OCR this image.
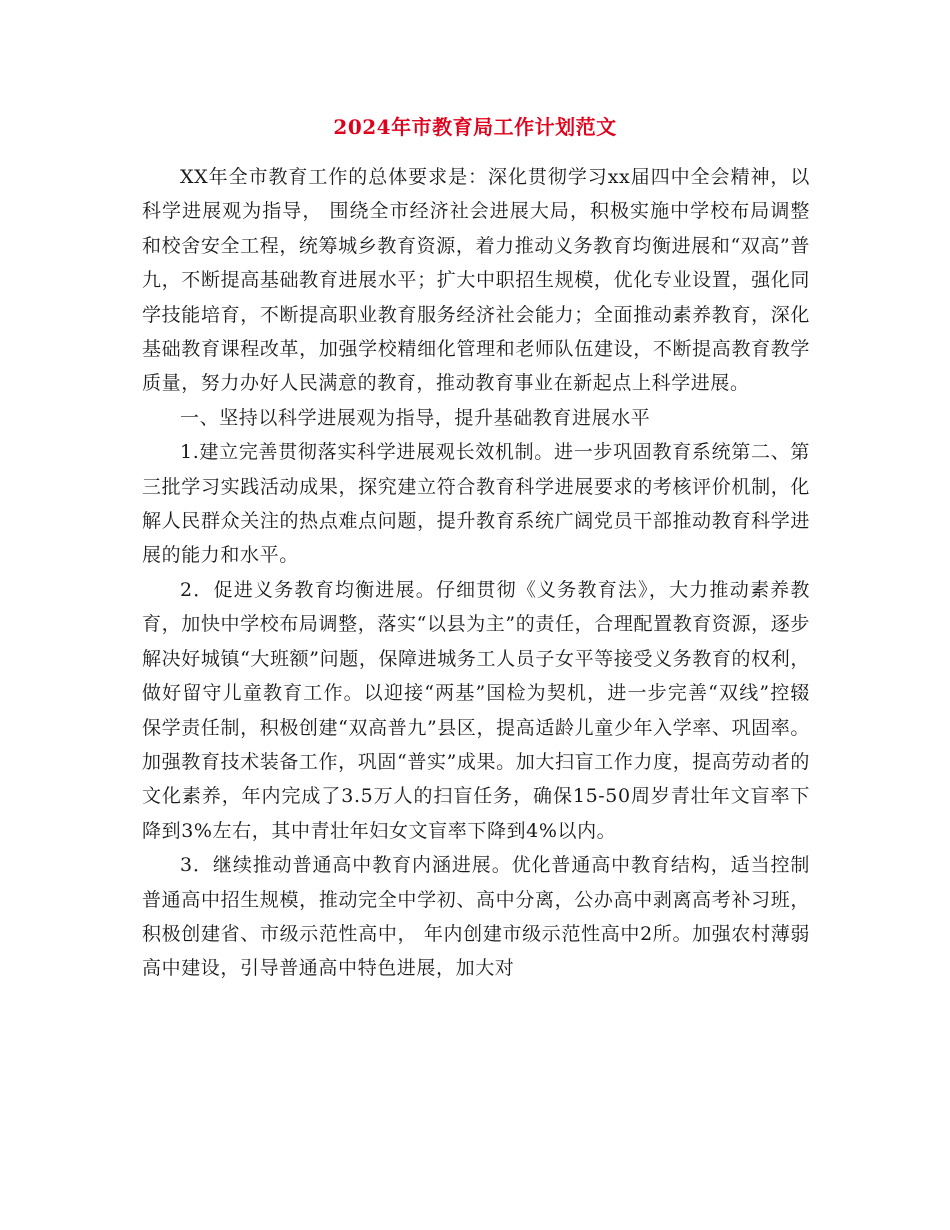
2024年市教育局工作计划范文

XX年全市教育工作的总体要求是：深化贯彻学习xx届四中全会精神，以科学进展观为指导， 围绕全市经济社会进展大局，积极实施中学校布局调整和校舍安全工程，统筹城乡教育资源，着力推动义务教育均衡进展和“双高”普九，不断提高基础教育进展水平；扩大中职招生规模，优化专业设置，强化同学技能培育，不断提高职业教育服务经济社会能力；全面推动素养教育，深化基础教育课程改革，加强学校精细化管理和老师队伍建设，不断提高教育教学质量，努力办好人民满意的教育，推动教育事业在新起点上科学进展。

一、坚持以科学进展观为指导，提升基础教育进展水平

1.建立完善贯彻落实科学进展观长效机制。进一步巩固教育系统第二、第三批学习实践活动成果，探究建立符合教育科学进展要求的考核评价机制，化解人民群众关注的热点难点问题，提升教育系统广阔党员干部推动教育科学进展的能力和水平。

2．促进义务教育均衡进展。仔细贯彻《义务教育法》，大力推动素养教育，加快中学校布局调整，落实“以县为主”的责任，合理配置教育资源，逐步解决好城镇“大班额”问题，保障进城务工人员子女平等接受义务教育的权利，做好留守儿童教育工作。以迎接“两基”国检为契机，进一步完善“双线”控辍保学责任制，积极创建“双高普九”县区，提高适龄儿童少年入学率、巩固率。加强教育技术装备工作，巩固“普实”成果。加大扫盲工作力度，提高劳动者的文化素养，年内完成了3.5万人的扫盲任务，确保15-50周岁青壮年文盲率下降到3%左右，其中青壮年妇女文盲率下降到4%以内。

3．继续推动普通高中教育内涵进展。优化普通高中教育结构，适当控制普通高中招生规模，推动完全中学初、高中分离，公办高中剥离高考补习班，积极创建省、市级示范性高中， 年内创建市级示范性高中2所。加强农村薄弱高中建设，引导普通高中特色进展，加大对
